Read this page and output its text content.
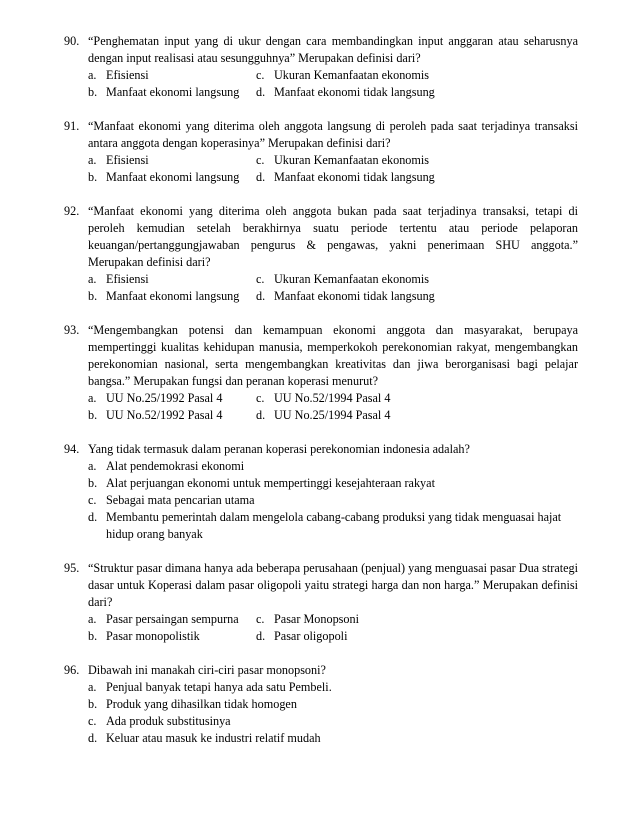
90. “Penghematan input yang di ukur dengan cara membandingkan input anggaran atau seharusnya dengan input realisasi atau sesungguhnya” Merupakan definisi dari?
a. Efisiensi	c. Ukuran Kemanfaatan ekonomis
b. Manfaat ekonomi langsung d. Manfaat ekonomi tidak langsung
91. “Manfaat ekonomi yang diterima oleh anggota langsung di peroleh pada saat terjadinya transaksi antara anggota dengan koperasinya” Merupakan definisi dari?
a. Efisiensi	c. Ukuran Kemanfaatan ekonomis
b. Manfaat ekonomi langsung d. Manfaat ekonomi tidak langsung
92. “Manfaat ekonomi yang diterima oleh anggota bukan pada saat terjadinya transaksi, tetapi di peroleh kemudian setelah berakhirnya suatu periode tertentu atau periode pelaporan keuangan/pertanggungjawaban pengurus & pengawas, yakni penerimaan SHU anggota.” Merupakan definisi dari?
a. Efisiensi	c. Ukuran Kemanfaatan ekonomis
b. Manfaat ekonomi langsung d. Manfaat ekonomi tidak langsung
93. “Mengembangkan potensi dan kemampuan ekonomi anggota dan masyarakat, berupaya mempertinggi kualitas kehidupan manusia, memperkokoh perekonomian rakyat, mengembangkan perekonomian nasional, serta mengembangkan kreativitas dan jiwa berorganisasi bagi pelajar bangsa.” Merupakan fungsi dan peranan koperasi menurut?
a. UU No.25/1992 Pasal 4	c. UU No.52/1994 Pasal 4
b. UU No.52/1992 Pasal 4	d. UU No.25/1994 Pasal 4
94. Yang tidak termasuk dalam peranan koperasi perekonomian indonesia adalah?
a. Alat pendemokrasi ekonomi
b. Alat perjuangan ekonomi untuk mempertinggi kesejahteraan rakyat
c. Sebagai mata pencarian utama
d. Membantu pemerintah dalam mengelola cabang-cabang produksi yang tidak menguasai hajat hidup orang banyak
95. “Struktur pasar dimana hanya ada beberapa perusahaan (penjual) yang menguasai pasar Dua strategi dasar untuk Koperasi dalam pasar oligopoli yaitu strategi harga dan non harga.” Merupakan definisi dari?
a. Pasar persaingan sempurna c. Pasar Monopsoni
b. Pasar monopolistik	d. Pasar oligopoli
96. Dibawah ini manakah ciri-ciri pasar monopsoni?
a. Penjual banyak tetapi hanya ada satu Pembeli.
b. Produk yang dihasilkan tidak homogen
c. Ada produk substitusinya
d. Keluar atau masuk ke industri relatif mudah
